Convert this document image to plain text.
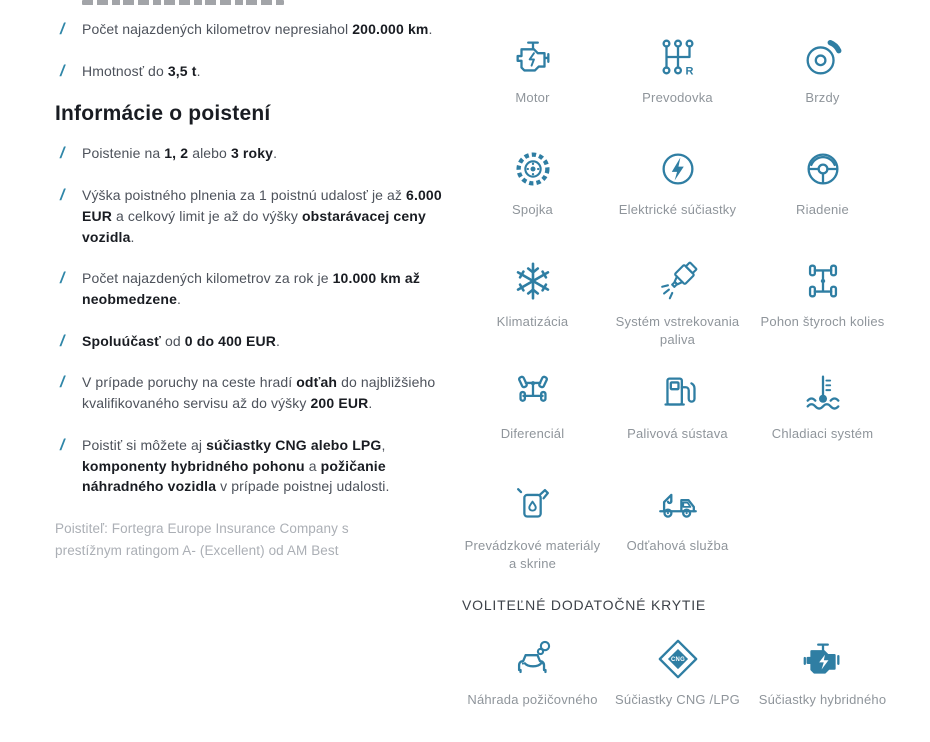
/ Počet najazdených kilometrov nepresiahol 200.000 km.
/ Hmotnosť do 3,5 t.
Informácie o poistení
/ Poistenie na 1, 2 alebo 3 roky.
/ Výška poistného plnenia za 1 poistnú udalosť je až 6.000 EUR a celkový limit je až do výšky obstarávacej ceny vozidla.
/ Počet najazdených kilometrov za rok je 10.000 km až neobmedzene.
/ Spoluúčasť od 0 do 400 EUR.
/ V prípade poruchy na ceste hradí odťah do najbližšieho kvalifikovaného servisu až do výšky 200 EUR.
/ Poistiť si môžete aj súčiastky CNG alebo LPG, komponenty hybridného pohonu a požičanie náhradného vozidla v prípade poistnej udalosti.

Poistiteľ: Fortegra Europe Insurance Company s prestížnym ratingom A- (Excellent) od AM Best

Motor	Prevodovka	Brzdy
Spojka	Elektrické súčiastky	Riadenie
Klimatizácia	Systém vstrekovania paliva
Pohon štyroch kolies
Diferenciál	Palivová sústava	Chladiaci systém
Prevádzkové materiály a skrine
Odťahová služba
VOLITEĽNÉ DODATOČNÉ KRYTIE
Náhrada požičovného Súčiastky CNG /LPG Súčiastky hybridného
